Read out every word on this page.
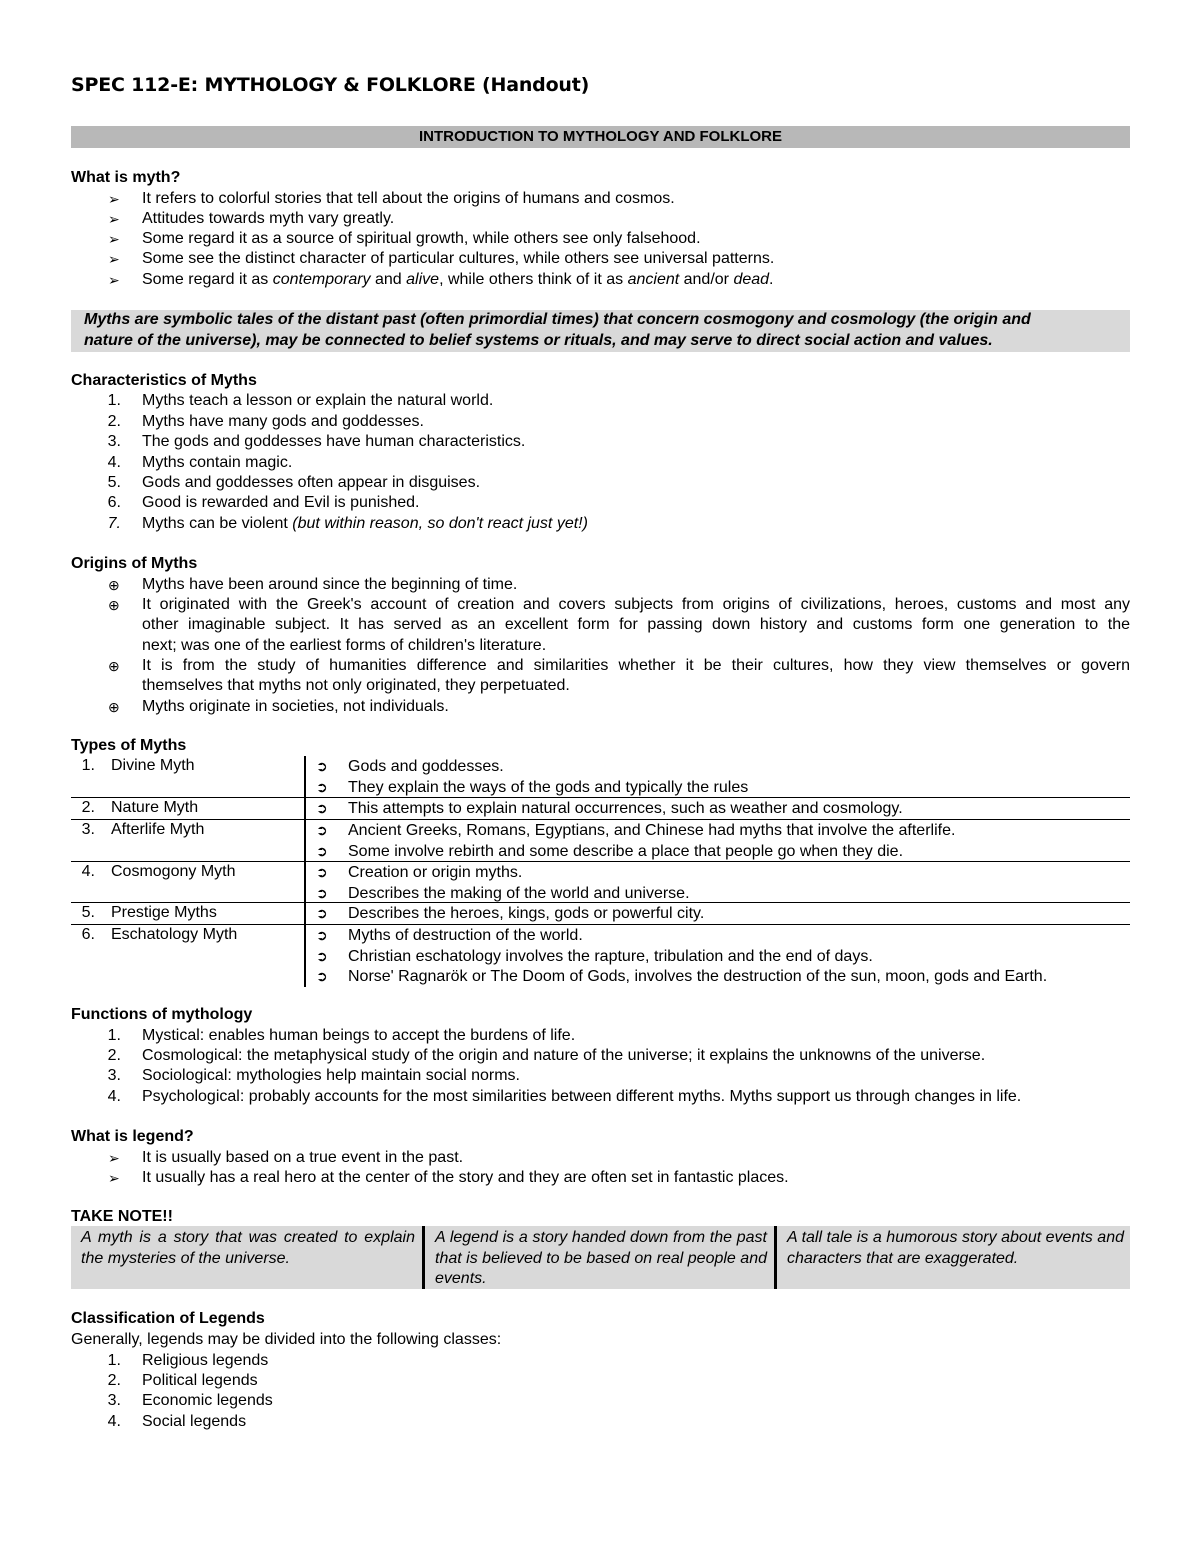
SPEC 112-E: MYTHOLOGY & FOLKLORE (Handout)
INTRODUCTION TO MYTHOLOGY AND FOLKLORE
What is myth?
➢ It refers to colorful stories that tell about the origins of humans and cosmos.
➢ Attitudes towards myth vary greatly.
➢ Some regard it as a source of spiritual growth, while others see only falsehood.
➢ Some see the distinct character of particular cultures, while others see universal patterns.
➢ Some regard it as contemporary and alive, while others think of it as ancient and/or dead.
Myths are symbolic tales of the distant past (often primordial times) that concern cosmogony and cosmology (the origin and
nature of the universe), may be connected to belief systems or rituals, and may serve to direct social action and values.
Characteristics of Myths
1. Myths teach a lesson or explain the natural world.
2. Myths have many gods and goddesses.
3. The gods and goddesses have human characteristics.
4. Myths contain magic.
5. Gods and goddesses often appear in disguises.
6. Good is rewarded and Evil is punished.
7. Myths can be violent (but within reason, so don't react just yet!)
Origins of Myths
⊕ Myths have been around since the beginning of time.
⊕ It originated with the Greek's account of creation and covers subjects from origins of civilizations, heroes, customs and most any
other imaginable subject. It has served as an excellent form for passing down history and customs form one generation to the
next; was one of the earliest forms of children's literature.
⊕ It is from the study of humanities difference and similarities whether it be their cultures, how they view themselves or govern
themselves that myths not only originated, they perpetuated.
⊕ Myths originate in societies, not individuals.
Types of Myths
1. Divine Myth	➲ Gods and goddesses.
➲ They explain the ways of the gods and typically the rules
2. Nature Myth	➲ This attempts to explain natural occurrences, such as weather and cosmology.
3. Afterlife Myth	➲ Ancient Greeks, Romans, Egyptians, and Chinese had myths that involve the afterlife.
➲ Some involve rebirth and some describe a place that people go when they die.
4. Cosmogony Myth	➲ Creation or origin myths.
➲ Describes the making of the world and universe.
5. Prestige Myths	➲ Describes the heroes, kings, gods or powerful city.
6. Eschatology Myth	➲ Myths of destruction of the world.
➲ Christian eschatology involves the rapture, tribulation and the end of days.
➲ Norse' Ragnarök or The Doom of Gods, involves the destruction of the sun, moon, gods and Earth.
Functions of mythology
1. Mystical: enables human beings to accept the burdens of life.
2. Cosmological: the metaphysical study of the origin and nature of the universe; it explains the unknowns of the universe.
3. Sociological: mythologies help maintain social norms.
4. Psychological: probably accounts for the most similarities between different myths. Myths support us through changes in life.
What is legend?
➢ It is usually based on a true event in the past.
➢ It usually has a real hero at the center of the story and they are often set in fantastic places.
TAKE NOTE!!
A myth is a story that was created to explain the mysteries of the universe.
A legend is a story handed down from the past that is believed to be based on real people and events.
A tall tale is a humorous story about events and characters that are exaggerated.
Classification of Legends
Generally, legends may be divided into the following classes:
1. Religious legends
2. Political legends
3. Economic legends
4. Social legends
